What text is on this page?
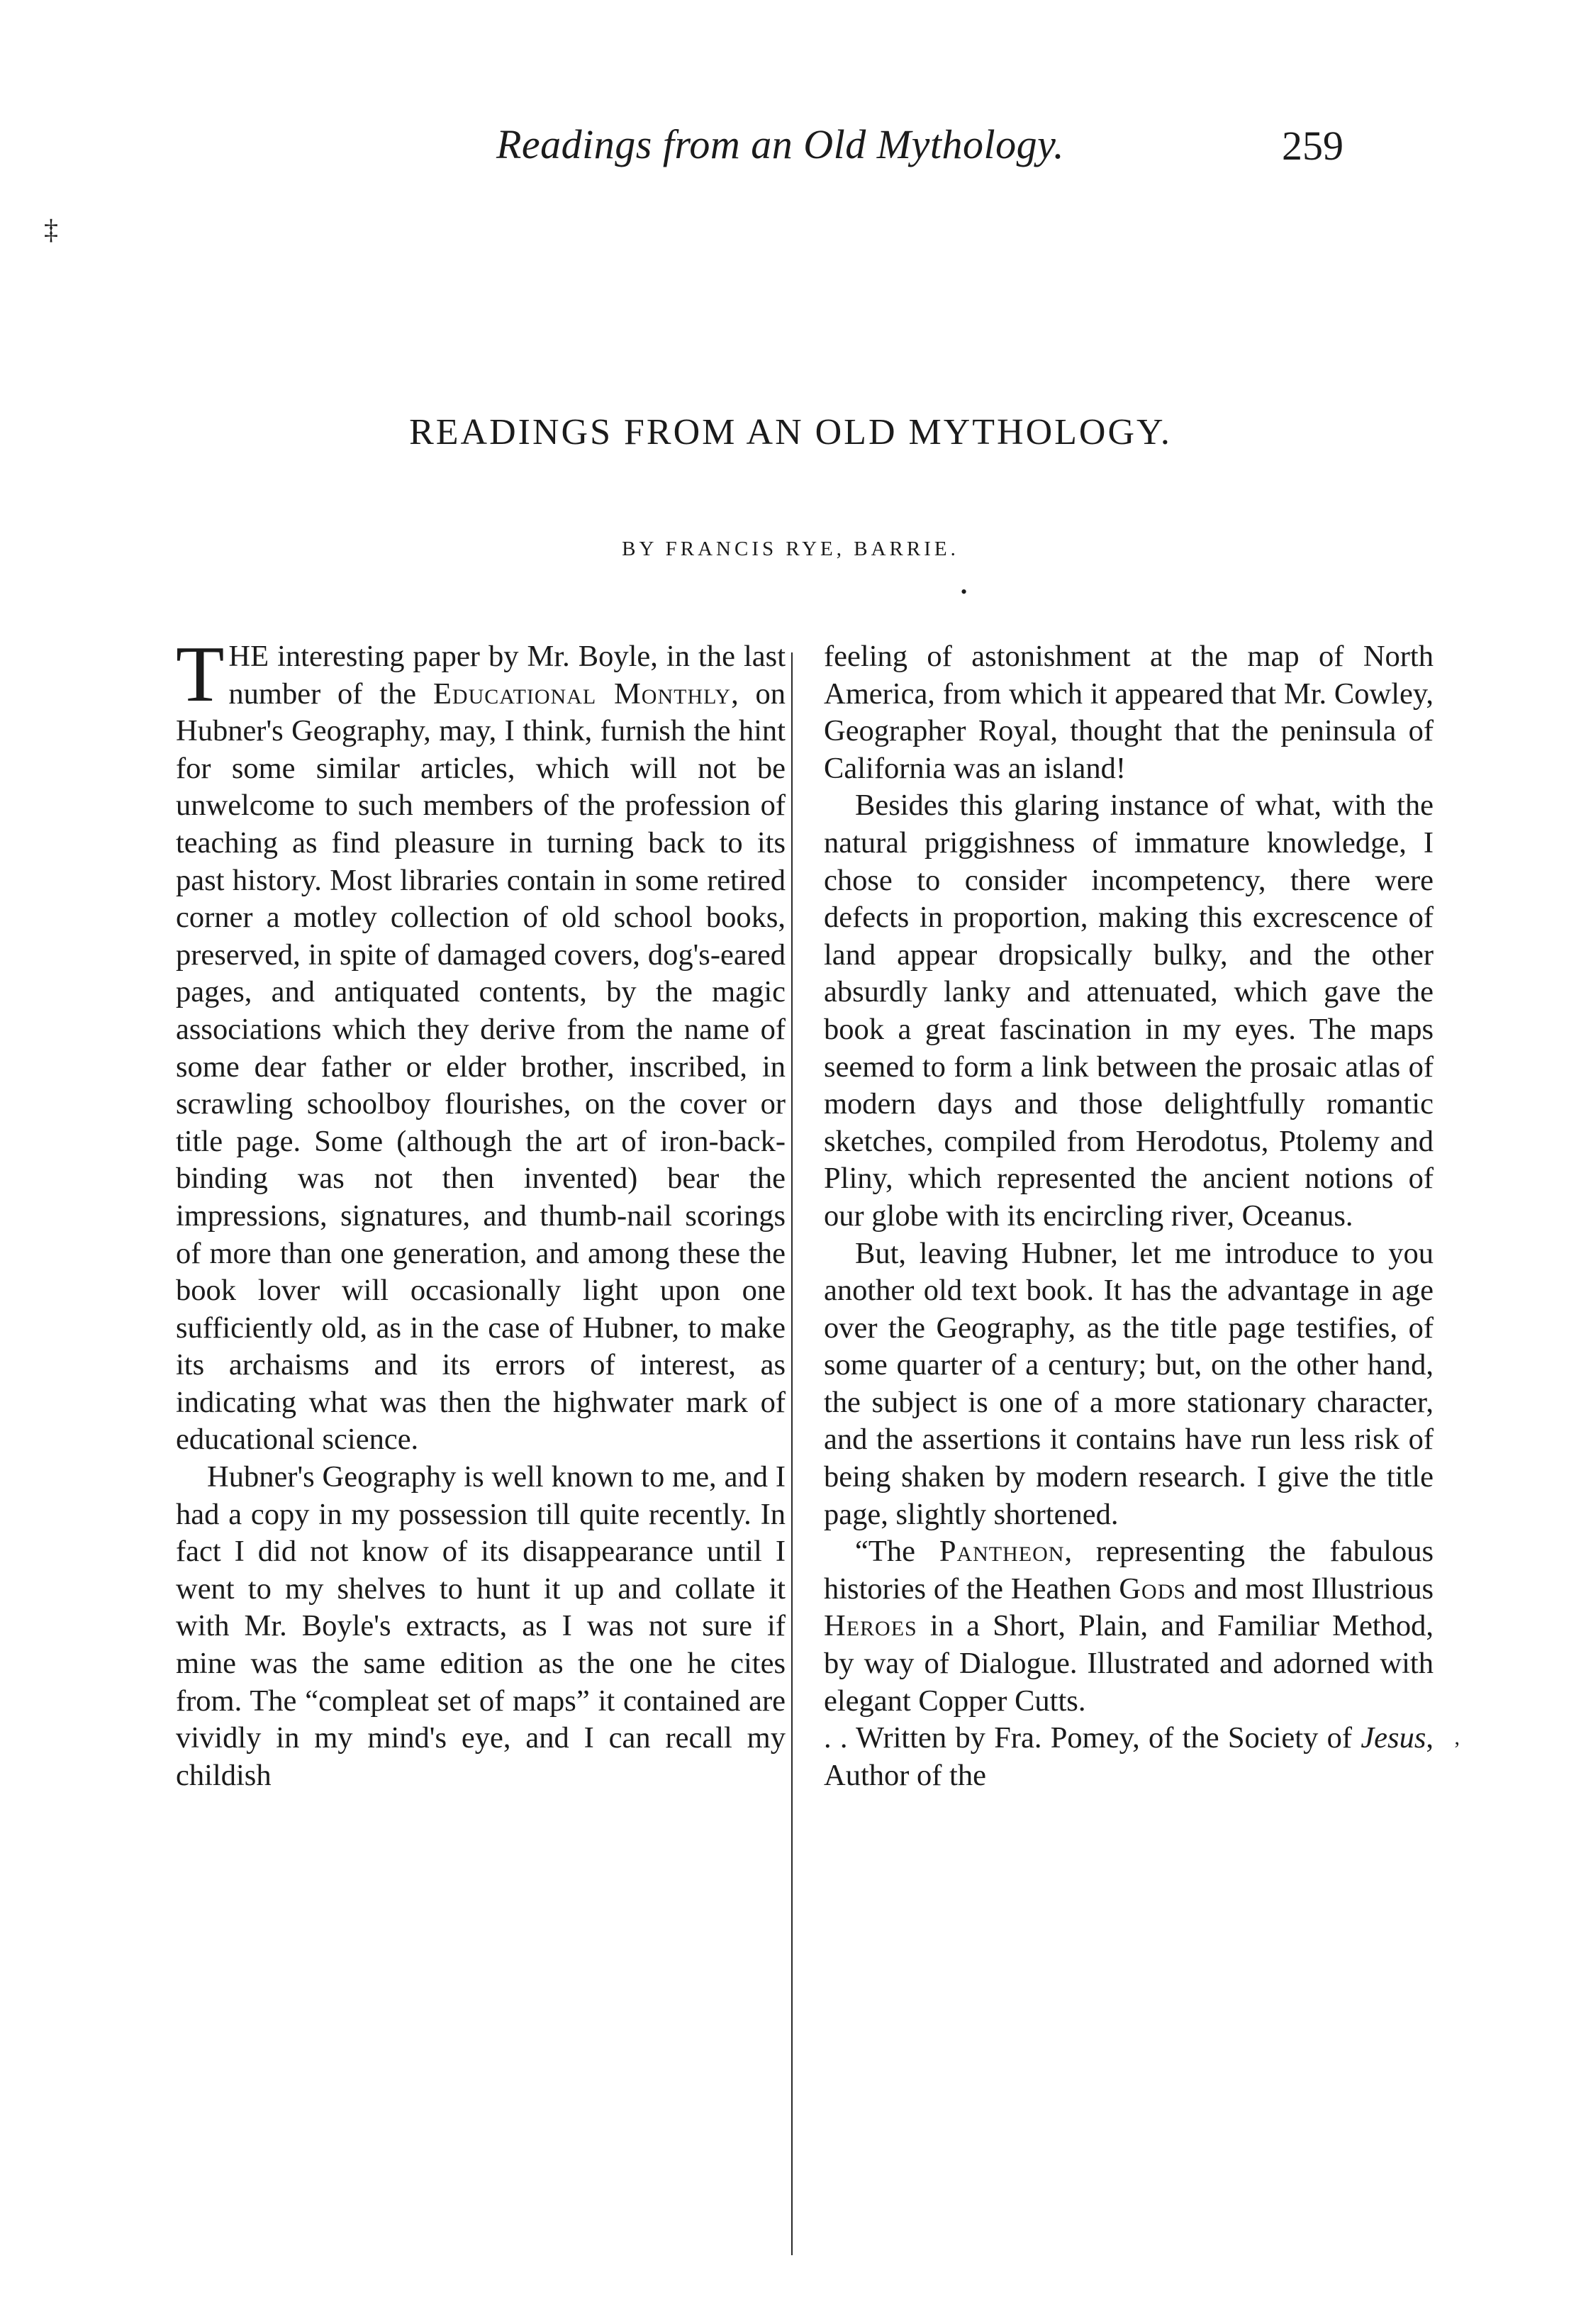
Readings from an Old Mythology.	259
‡
READINGS FROM AN OLD MYTHOLOGY.
BY FRANCIS RYE, BARRIE.
•

THE interesting paper by Mr. Boyle, in the last number of the Educational Monthly, on Hubner's Geography, may, I think, furnish the hint for some similar articles, which will not be unwelcome to such members of the profession of teaching as find pleasure in turning back to its past history. Most libraries contain in some retired corner a motley collection of old school books, preserved, in spite of damaged covers, dog's-eared pages, and antiquated contents, by the magic associations which they derive from the name of some dear father or elder brother, inscribed, in scrawling schoolboy flourishes, on the cover or title page. Some (although the art of iron-back-binding was not then invented) bear the impressions, signatures, and thumb-nail scorings of more than one generation, and among these the book lover will occasionally light upon one sufficiently old, as in the case of Hubner, to make its archaisms and its errors of interest, as indicating what was then the highwater mark of educational science.

Hubner's Geography is well known to me, and I had a copy in my possession till quite recently. In fact I did not know of its disappearance until I went to my shelves to hunt it up and collate it with Mr. Boyle's extracts, as I was not sure if mine was the same edition as the one he cites from. The “compleat set of maps” it contained are vividly in my mind's eye, and I can recall my childish

feeling of astonishment at the map of North America, from which it appeared that Mr. Cowley, Geographer Royal, thought that the peninsula of California was an island!

Besides this glaring instance of what, with the natural priggishness of immature knowledge, I chose to consider incompetency, there were defects in proportion, making this excrescence of land appear dropsically bulky, and the other absurdly lanky and attenuated, which gave the book a great fascination in my eyes. The maps seemed to form a link between the prosaic atlas of modern days and those delightfully romantic sketches, compiled from Herodotus, Ptolemy and Pliny, which represented the ancient notions of our globe with its encircling river, Oceanus.

But, leaving Hubner, let me introduce to you another old text book. It has the advantage in age over the Geography, as the title page testifies, of some quarter of a century; but, on the other hand, the subject is one of a more stationary character, and the assertions it contains have run less risk of being shaken by modern research. I give the title page, slightly shortened.

“The Pantheon, representing the fabulous histories of the Heathen Gods and most Illustrious Heroes in a Short, Plain, and Familiar Method, by way of Dialogue. Illustrated and adorned with elegant Copper Cutts.

. . Written by Fra. Pomey, of the Society of Jesus, Author of the

’
